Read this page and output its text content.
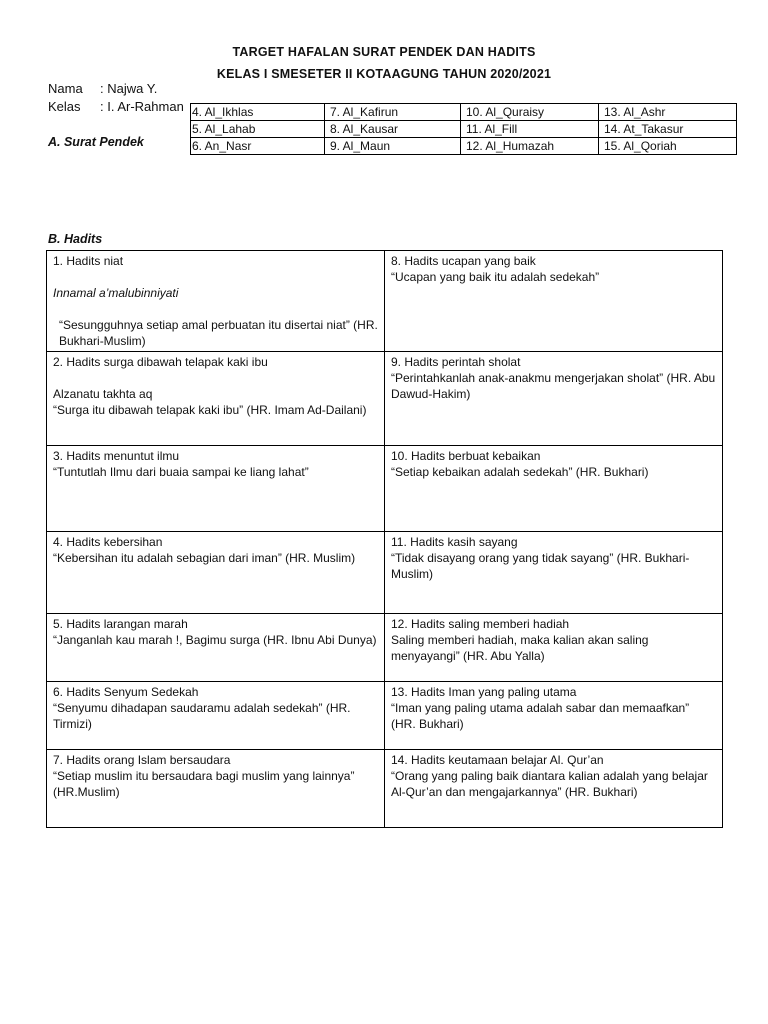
TARGET HAFALAN SURAT PENDEK DAN HADITS
KELAS I SMESETER II KOTAAGUNG TAHUN 2020/2021
Nama : Najwa Y.
Kelas : I. Ar-Rahman
A. Surat Pendek
4. Al_Ikhlas	7. Al_Kafirun	10. Al_Quraisy	13. Al_Ashr
5. Al_Lahab	8. Al_Kausar	11. Al_Fill	14. At_Takasur
6. An_Nasr	9. Al_Maun	12. Al_Humazah	15. Al_Qoriah
B. Hadits
1. Hadits niat
Innamal a’malubinniyati
“Sesungguhnya setiap amal perbuatan itu disertai niat” (HR. Bukhari-Muslim)	8. Hadits ucapan yang baik
“Ucapan yang baik itu adalah sedekah”

2. Hadits surga dibawah telapak kaki ibu
Alzanatu takhta aq
“Surga itu dibawah telapak kaki ibu” (HR. Imam Ad-Dailani)	9. Hadits perintah sholat
“Perintahkanlah anak-anakmu mengerjakan sholat” (HR. Abu Dawud-Hakim)

3. Hadits menuntut ilmu
“Tuntutlah Ilmu dari buaia sampai ke liang lahat”	10. Hadits berbuat kebaikan
“Setiap kebaikan adalah sedekah” (HR. Bukhari)

4. Hadits kebersihan
“Kebersihan itu adalah sebagian dari iman” (HR. Muslim)	11. Hadits kasih sayang
“Tidak disayang orang yang tidak sayang” (HR. Bukhari-Muslim)

5. Hadits larangan marah
“Janganlah kau marah !, Bagimu surga (HR. Ibnu Abi Dunya)	12. Hadits saling memberi hadiah
Saling memberi hadiah, maka kalian akan saling menyayangi” (HR. Abu Yalla)

6. Hadits Senyum Sedekah
“Senyumu dihadapan saudaramu adalah sedekah” (HR. Tirmizi)	13. Hadits Iman yang paling utama
“Iman yang paling utama adalah sabar dan memaafkan” (HR. Bukhari)

7. Hadits orang Islam bersaudara
“Setiap muslim itu bersaudara bagi muslim yang lainnya” (HR.Muslim)	14. Hadits keutamaan belajar Al. Qur’an
“Orang yang paling baik diantara kalian adalah yang belajar Al-Qur’an dan mengajarkannya” (HR. Bukhari)
